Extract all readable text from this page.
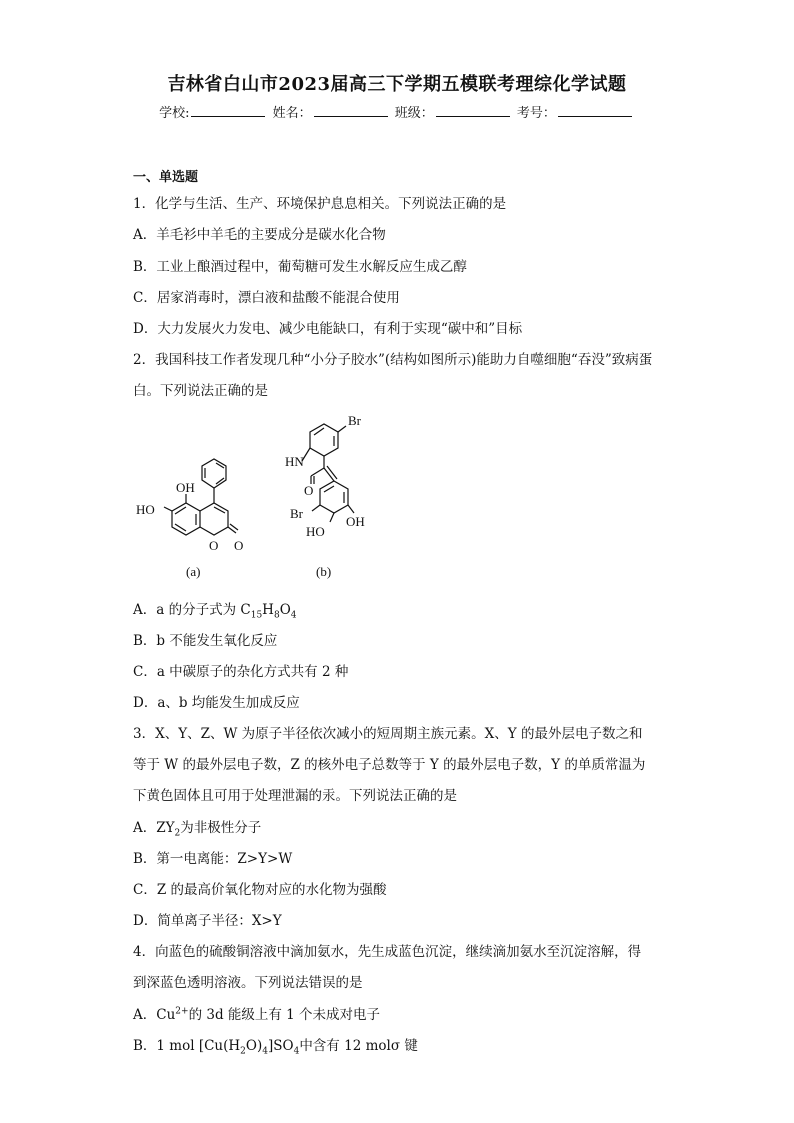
吉林省白山市2023届高三下学期五模联考理综化学试题
学校:	姓名：	班级：	考号：
一、单选题
1．化学与生活、生产、环境保护息息相关。下列说法正确的是
A．羊毛衫中羊毛的主要成分是碳水化合物
B．工业上酿酒过程中，葡萄糖可发生水解反应生成乙醇
C．居家消毒时，漂白液和盐酸不能混合使用
D．大力发展火力发电、减少电能缺口，有利于实现“碳中和”目标
2．我国科技工作者发现几种“小分子胶水”(结构如图所示)能助力自噬细胞“吞没”致病蛋
白。下列说法正确的是
OH
HO
O O
(a)
Br
HN
O
Br
HO
OH
(b)
A．a 的分子式为 $C_{15}H_8O_4$
B．b 不能发生氧化反应
C．a 中碳原子的杂化方式共有 2 种
D．a、b 均能发生加成反应
3．X、Y、Z、W 为原子半径依次减小的短周期主族元素。X、Y 的最外层电子数之和
等于 W 的最外层电子数，Z 的核外电子总数等于 Y 的最外层电子数，Y 的单质常温为
下黄色固体且可用于处理泄漏的汞。下列说法正确的是
A．$ZY_2$为非极性分子
B．第一电离能：Z>Y>W
C．Z 的最高价氧化物对应的水化物为强酸
D．简单离子半径：X>Y
4．向蓝色的硫酸铜溶液中滴加氨水，先生成蓝色沉淀，继续滴加氨水至沉淀溶解，得
到深蓝色透明溶液。下列说法错误的是
A．$Cu^{2+}$的 3d 能级上有 1 个未成对电子
B．1 mol $[Cu(H_2O)_4]SO_4$中含有 12 molσ 键
